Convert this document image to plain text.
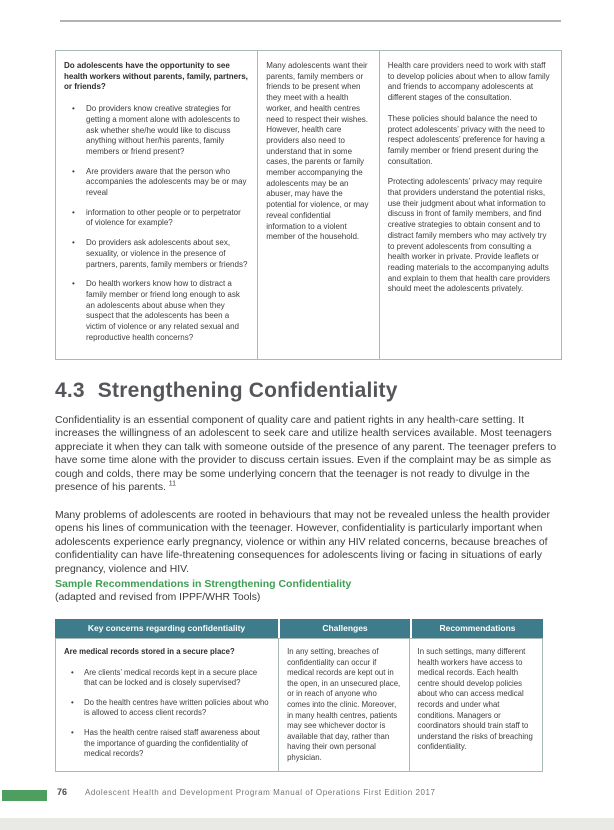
Do adolescents have the opportunity to see health workers without parents, family, partners, or friends?

• Do providers know creative strategies for getting a moment alone with adolescents to ask whether she/he would like to discuss anything without her/his parents, family members or friend present?
• Are providers aware that the person who accompanies the adolescents may be or may reveal
• information to other people or to perpetrator of violence for example?
• Do providers ask adolescents about sex, sexuality, or violence in the presence of partners, parents, family members or friends?
• Do health workers know how to distract a family member or friend long enough to ask an adolescents about abuse when they suspect that the adolescents has been a victim of violence or any related sexual and reproductive health concerns?

Many adolescents want their parents, family members or friends to be present when they meet with a health worker, and health centres need to respect their wishes. However, health care providers also need to understand that in some cases, the parents or family member accompanying the adolescents may be an abuser, may have the potential for violence, or may reveal confidential information to a violent member of the household.

Health care providers need to work with staff to develop policies about when to allow family and friends to accompany adolescents at different stages of the consultation.

These policies should balance the need to protect adolescents’ privacy with the need to respect adolescents’ preference for having a family member or friend present during the consultation.

Protecting adolescents’ privacy may require that providers understand the potential risks, use their judgment about what information to discuss in front of family members, and find creative strategies to obtain consent and to distract family members who may actively try to prevent adolescents from consulting a health worker in private. Provide leaflets or reading materials to the accompanying adults and explain to them that health care providers should meet the adolescents privately.

4.3 Strengthening Confidentiality
Confidentiality is an essential component of quality care and patient rights in any health-care setting. It increases the willingness of an adolescent to seek care and utilize health services available. Most teenagers appreciate it when they can talk with someone outside of the presence of any parent. The teenager prefers to have some time alone with the provider to discuss certain issues. Even if the complaint may be as simple as cough and colds, there may be some underlying concern that the teenager is not ready to divulge in the presence of his parents. $^{11}$
Many problems of adolescents are rooted in behaviours that may not be revealed unless the health provider opens his lines of communication with the teenager. However, confidentiality is particularly important when adolescents experience early pregnancy, violence or within any HIV related concerns, because breaches of confidentiality can have life-threatening consequences for adolescents living or facing in situations of early pregnancy, violence and HIV.
Sample Recommendations in Strengthening Confidentiality
(adapted and revised from IPPF/WHR Tools)
Key concerns regarding confidentiality	Challenges	Recommendations

Are medical records stored in a secure place?

• Are clients’ medical records kept in a secure place that can be locked and is closely supervised?
• Do the health centres have written policies about who is allowed to access client records?
• Has the health centre raised staff awareness about the importance of guarding the confidentiality of medical records?
In any setting, breaches of confidentiality can occur if medical records are kept out in the open, in an unsecured place, or in reach of anyone who comes into the clinic. Moreover, in many health centres, patients may see whichever doctor is available that day, rather than having their own personal physician.
In such settings, many different health workers have access to medical records. Each health centre should develop policies about who can access medical records and under what conditions. Managers or coordinators should train staff to understand the risks of breaching confidentiality.
76 Adolescent Health and Development Program Manual of Operations First Edition 2017
